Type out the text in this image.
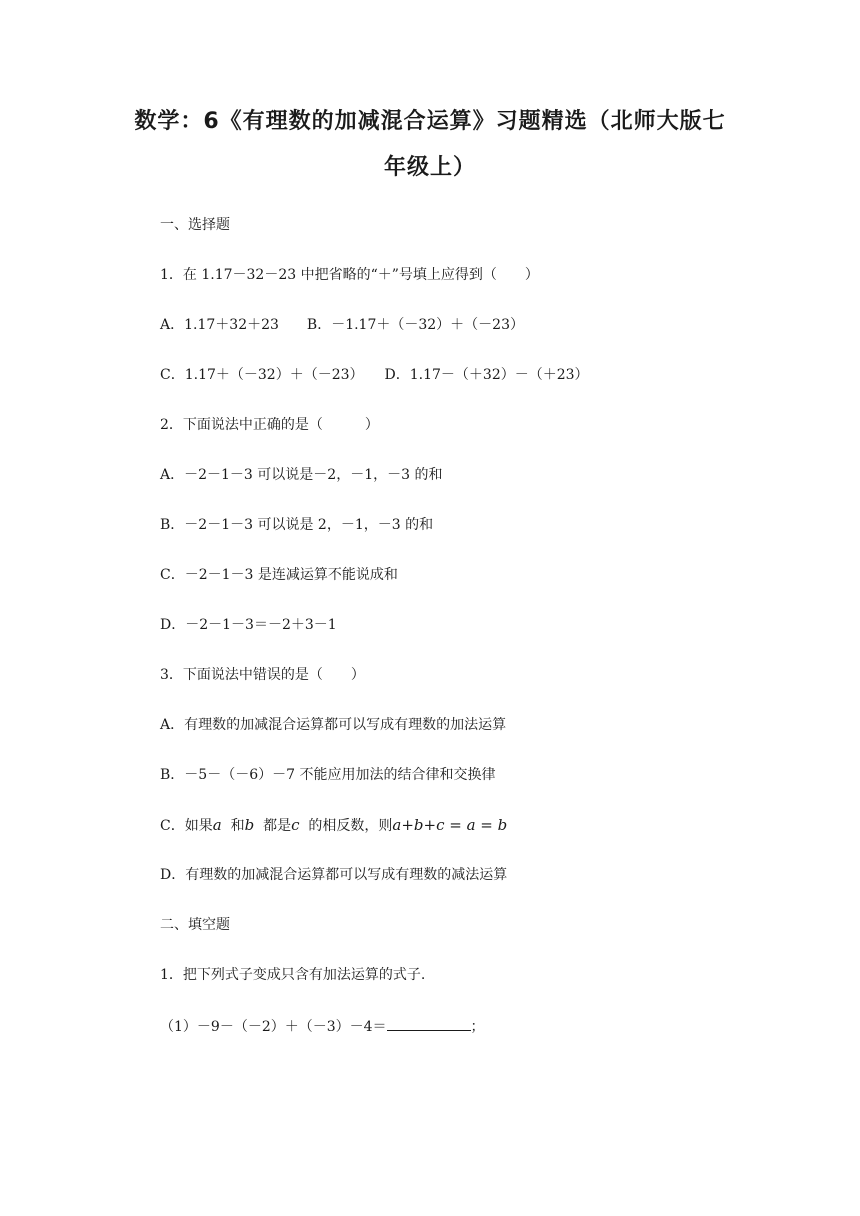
数学：6《有理数的加减混合运算》习题精选（北师大版七
年级上）
一、选择题
1．在 1.17－32－23 中把省略的“＋”号填上应得到（　　）
A．1.17＋32＋23　　B．－1.17＋（－32）＋（－23）
C．1.17＋（－32）＋（－23）　　D．1.17－（＋32）－（＋23）
2．下面说法中正确的是（　　　）
A．－2－1－3 可以说是－2，－1，－3 的和
B．－2－1－3 可以说是 2，－1，－3 的和
C．－2－1－3 是连减运算不能说成和
D．－2－1－3＝－2＋3－1
3．下面说法中错误的是（　　）
A．有理数的加减混合运算都可以写成有理数的加法运算
B．－5－（－6）－7 不能应用加法的结合律和交换律
C．如果a 和b 都是c 的相反数，则a+b+c = a = b
D．有理数的加减混合运算都可以写成有理数的减法运算
二、填空题
1．把下列式子变成只含有加法运算的式子.
（1）－9－（－2）＋（－3）－4＝	；
